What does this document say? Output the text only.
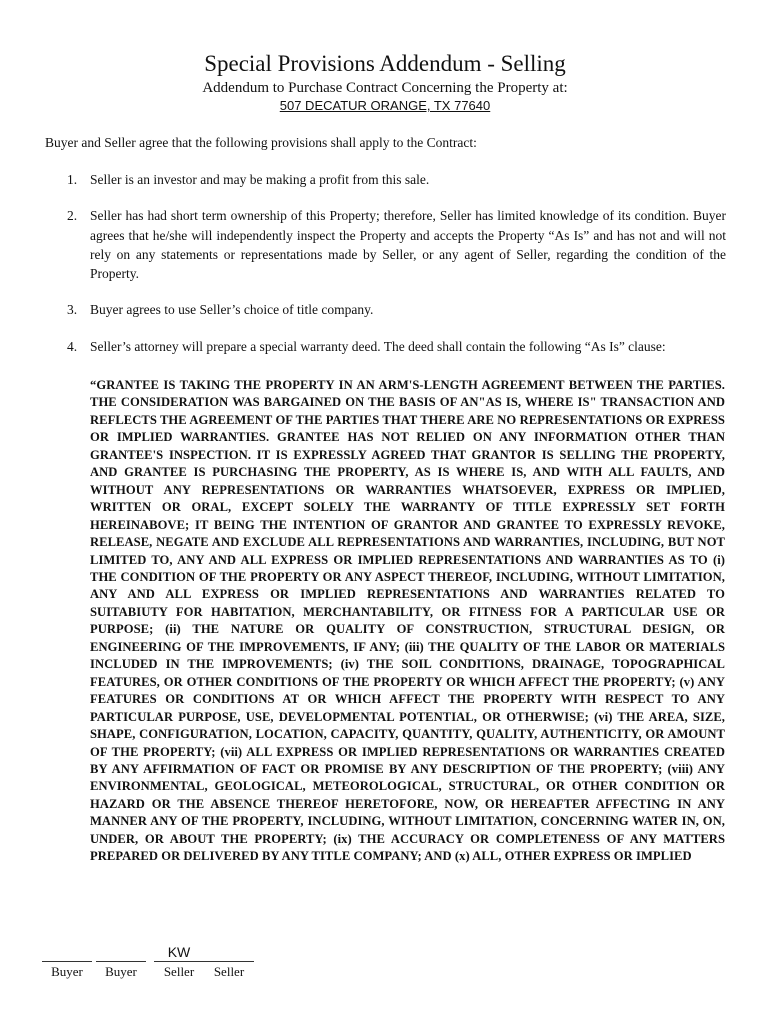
Special Provisions Addendum - Selling
Addendum to Purchase Contract Concerning the Property at:
507 DECATUR ORANGE, TX 77640
Buyer and Seller agree that the following provisions shall apply to the Contract:
1. Seller is an investor and may be making a profit from this sale.
2. Seller has had short term ownership of this Property; therefore, Seller has limited knowledge of its condition. Buyer agrees that he/she will independently inspect the Property and accepts the Property “As Is” and has not and will not rely on any statements or representations made by Seller, or any agent of Seller, regarding the condition of the Property.
3. Buyer agrees to use Seller’s choice of title company.
4. Seller’s attorney will prepare a special warranty deed. The deed shall contain the following “As Is” clause:
“GRANTEE IS TAKING THE PROPERTY IN AN ARM'S-LENGTH AGREEMENT BETWEEN THE PARTIES. THE CONSIDERATION WAS BARGAINED ON THE BASIS OF AN"AS IS, WHERE IS" TRANSACTION AND REFLECTS THE AGREEMENT OF THE PARTIES THAT THERE ARE NO REPRESENTATIONS OR EXPRESS OR IMPLIED WARRANTIES. GRANTEE HAS NOT RELIED ON ANY INFORMATION OTHER THAN GRANTEE'S INSPECTION. IT IS EXPRESSLY AGREED THAT GRANTOR IS SELLING THE PROPERTY, AND GRANTEE IS PURCHASING THE PROPERTY, AS IS WHERE IS, AND WITH ALL FAULTS, AND WITHOUT ANY REPRESENTATIONS OR WARRANTIES WHATSOEVER, EXPRESS OR IMPLIED, WRITTEN OR ORAL, EXCEPT SOLELY THE WARRANTY OF TITLE EXPRESSLY SET FORTH HEREINABOVE; IT BEING THE INTENTION OF GRANTOR AND GRANTEE TO EXPRESSLY REVOKE, RELEASE, NEGATE AND EXCLUDE ALL REPRESENTATIONS AND WARRANTIES, INCLUDING, BUT NOT LIMITED TO, ANY AND ALL EXPRESS OR IMPLIED REPRESENTATIONS AND WARRANTIES AS TO (i) THE CONDITION OF THE PROPERTY OR ANY ASPECT THEREOF, INCLUDING, WITHOUT LIMITATION, ANY AND ALL EXPRESS OR IMPLIED REPRESENTATIONS AND WARRANTIES RELATED TO SUITABIUTY FOR HABITATION, MERCHANTABILITY, OR FITNESS FOR A PARTICULAR USE OR PURPOSE; (ii) THE NATURE OR QUALITY OF CONSTRUCTION, STRUCTURAL DESIGN, OR ENGINEERING OF THE IMPROVEMENTS, IF ANY; (iii) THE QUALITY OF THE LABOR OR MATERIALS INCLUDED IN THE IMPROVEMENTS; (iv) THE SOIL CONDITIONS, DRAINAGE, TOPOGRAPHICAL FEATURES, OR OTHER CONDITIONS OF THE PROPERTY OR WHICH AFFECT THE PROPERTY; (v) ANY FEATURES OR CONDITIONS AT OR WHICH AFFECT THE PROPERTY WITH RESPECT TO ANY PARTICULAR PURPOSE, USE, DEVELOPMENTAL POTENTIAL, OR OTHERWISE; (vi) THE AREA, SIZE, SHAPE, CONFIGURATION, LOCATION, CAPACITY, QUANTITY, QUALITY, AUTHENTICITY, OR AMOUNT OF THE PROPERTY; (vii) ALL EXPRESS OR IMPLIED REPRESENTATIONS OR WARRANTIES CREATED BY ANY AFFIRMATION OF FACT OR PROMISE BY ANY DESCRIPTION OF THE PROPERTY; (viii) ANY ENVIRONMENTAL, GEOLOGICAL, METEOROLOGICAL, STRUCTURAL, OR OTHER CONDITION OR HAZARD OR THE ABSENCE THEREOF HERETOFORE, NOW, OR HEREAFTER AFFECTING IN ANY MANNER ANY OF THE PROPERTY, INCLUDING, WITHOUT LIMITATION, CONCERNING WATER IN, ON, UNDER, OR ABOUT THE PROPERTY; (ix) THE ACCURACY OR COMPLETENESS OF ANY MATTERS PREPARED OR DELIVERED BY ANY TITLE COMPANY; AND (x) ALL, OTHER EXPRESS OR IMPLIED
Buyer	Buyer
KW
Seller	Seller
